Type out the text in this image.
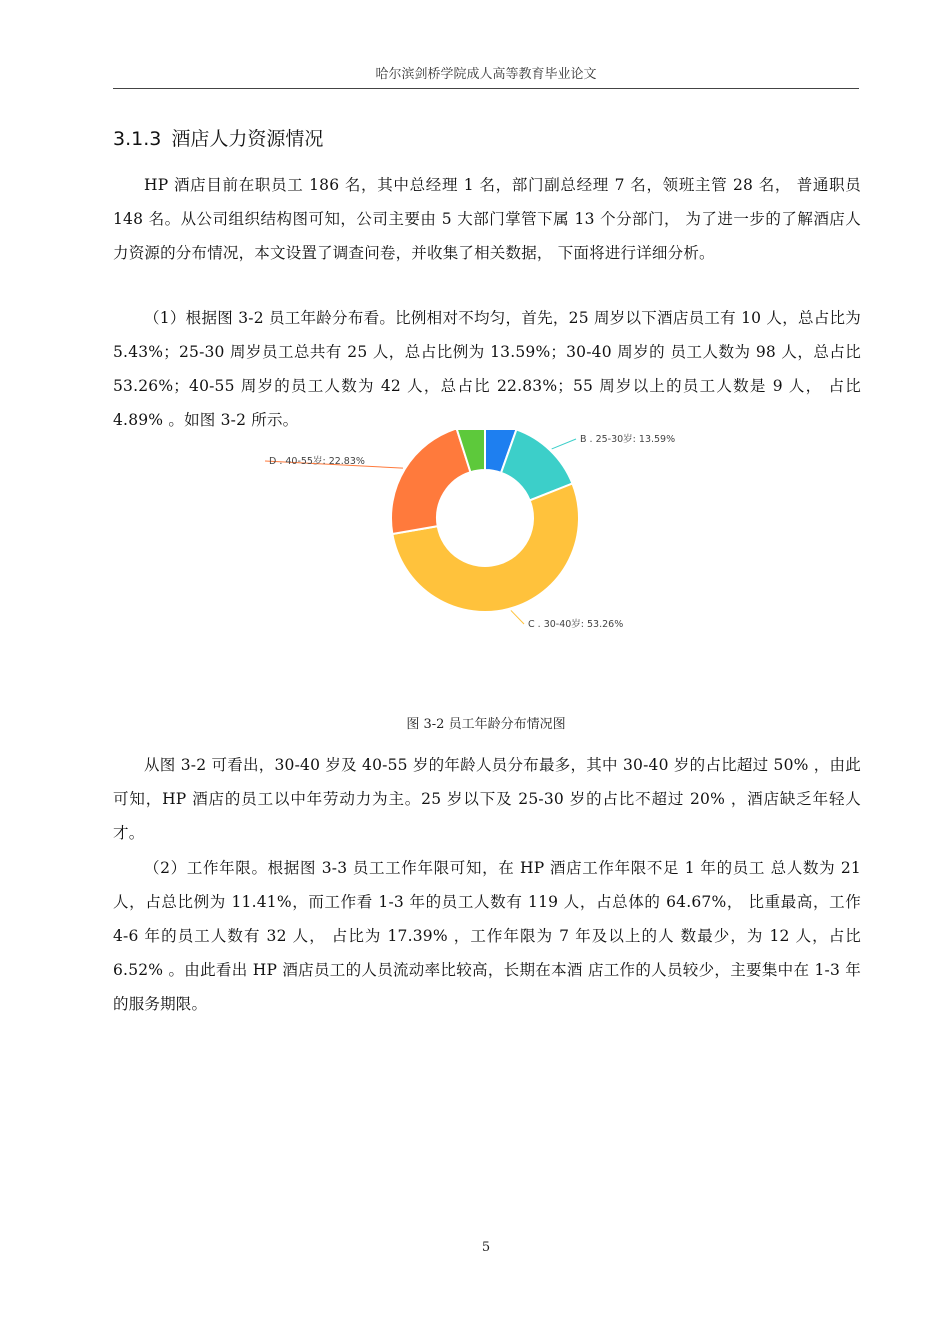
哈尔滨剑桥学院成人高等教育毕业论文
3.1.3 酒店人力资源情况

HP 酒店目前在职员工 186 名，其中总经理 1 名，部门副总经理 7 名，领班主管 28 名， 普通职员 148 名。从公司组织结构图可知，公司主要由 5 大部门掌管下属 13 个分部门， 为了进一步的了解酒店人力资源的分布情况，本文设置了调查问卷，并收集了相关数据， 下面将进行详细分析。

（1）根据图 3-2 员工年龄分布看。比例相对不均匀，首先，25 周岁以下酒店员工有 10 人，总占比为 5.43%；25-30 周岁员工总共有 25 人，总占比例为 13.59%；30-40 周岁的 员工人数为 98 人，总占比 53.26%；40-55 周岁的员工人数为 42 人，总占比 22.83%；55 周岁以上的员工人数是 9 人， 占比 4.89% 。如图 3-2 所示。

B . 25-30岁: 13.59%
C . 30-40岁: 53.26%
D . 40-55岁: 22.83%
图 3-2 员工年龄分布情况图

从图 3-2 可看出，30-40 岁及 40-55 岁的年龄人员分布最多，其中 30-40 岁的占比超过 50% ，由此可知，HP 酒店的员工以中年劳动力为主。25 岁以下及 25-30 岁的占比不超过 20% ，酒店缺乏年轻人才。

（2）工作年限。根据图 3-3 员工工作年限可知，在 HP 酒店工作年限不足 1 年的员工 总人数为 21 人，占总比例为 11.41%，而工作看 1-3 年的员工人数有 119 人，占总体的 64.67%， 比重最高，工作 4-6 年的员工人数有 32 人， 占比为 17.39% ，工作年限为 7 年及以上的人 数最少，为 12 人，占比 6.52% 。由此看出 HP 酒店员工的人员流动率比较高，长期在本酒 店工作的人员较少，主要集中在 1-3 年的服务期限。

5
